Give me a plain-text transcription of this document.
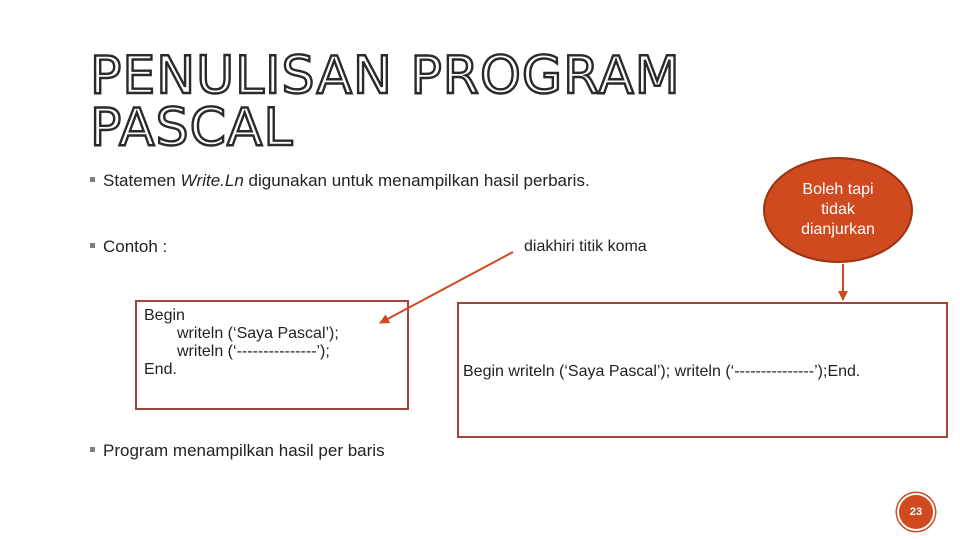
PENULISAN PROGRAM
PASCAL
Statemen Write.Ln digunakan untuk menampilkan hasil perbaris.
Contoh :
Begin
writeln (‘Saya Pascal’);
writeln (‘---------------’);
End.
diakhiri titik koma
Boleh tapi tidak dianjurkan
Begin writeln (‘Saya Pascal’); writeln (‘---------------’);End.
Program menampilkan hasil per baris
23
